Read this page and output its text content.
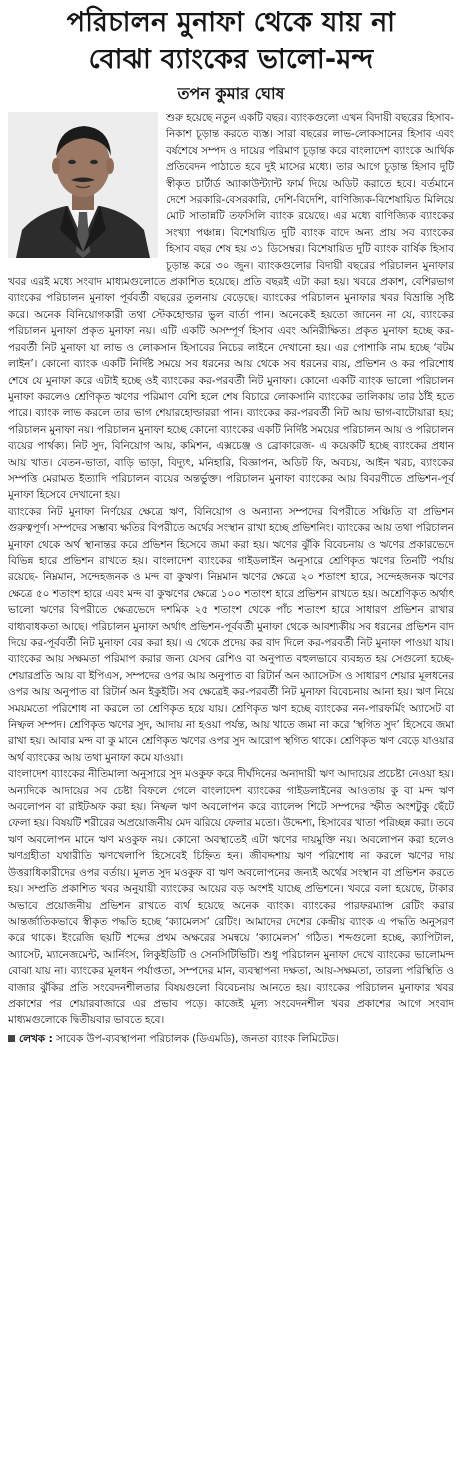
পরিচালন মুনাফা থেকে যায় না
বোঝা ব্যাংকের ভালো-মন্দ
তপন কুমার ঘোষ

শুরু হয়েছে নতুন একটি বছর। ব্যাংকগুলো এখন বিদায়ী বছরের হিসাব-নিকাশ চূড়ান্ত করতে ব্যস্ত। সারা বছরের লাভ-লোকসানের হিসাব এবং বর্ষশেষে সম্পদ ও দায়ের পরিমাণ চূড়ান্ত করে বাংলাদেশ ব্যাংকে আর্থিক প্রতিবেদন পাঠাতে হবে দুই মাসের মধ্যে। তার আগে চূড়ান্ত হিসাব দুটি স্বীকৃত চার্টার্ড অ্যাকাউন্ট্যান্ট ফার্ম দিয়ে অডিট করাতে হবে। বর্তমানে দেশে সরকারি-বেসরকারি, দেশি-বিদেশি, বাণিজ্যিক-বিশেষায়িত মিলিয়ে মোট সাতান্নটি তফসিলি ব্যাংক রয়েছে। এর মধ্যে বাণিজ্যিক ব্যাংকের সংখ্যা পঞ্চান্ন। বিশেষায়িত দুটি ব্যাংক বাদে অন্য প্রায় সব ব্যাংকের হিসাব বছর শেষ হয় ৩১ ডিসেম্বর। বিশেষায়িত দুটি ব্যাংক বার্ষিক হিসাব চূড়ান্ত করে ৩০ জুন। ব্যাংকগুলোর বিদায়ী বছরের পরিচালন মুনাফার খবর এরই মধ্যে সংবাদ মাধ্যমগুলোতে প্রকাশিত হয়েছে। প্রতি বছরই এটা করা হয়। খবরে প্রকাশ, বেশিরভাগ ব্যাংকের পরিচালন মুনাফা পূর্ববর্তী বছরের তুলনায় বেড়েছে। ব্যাংকের পরিচালন মুনাফার খবর বিভ্রান্তি সৃষ্টি করে। অনেক বিনিয়োগকারী তথা স্টেকহোল্ডার ভুল বার্তা পান। অনেকেই হয়তো জানেন না যে, ব্যাংকের পরিচালন মুনাফা প্রকৃত মুনাফা নয়। এটি একটি অসম্পূর্ণ হিসাব এবং অনিরীক্ষিত। প্রকৃত মুনাফা হচ্ছে কর-পরবর্তী নিট মুনাফা যা লাভ ও লোকসান হিসাবের নিচের লাইনে দেখানো হয়। এর পোশাকি নাম হচ্ছে ‘বটম লাইন’। কোনো ব্যাংক একটি নির্দিষ্ট সময়ে সব ধরনের আয় থেকে সব ধরনের ব্যয়, প্রভিশন ও কর পরিশোধ শেষে যে মুনাফা করে এটাই হচ্ছে ওই ব্যাংকের কর-পরবর্তী নিট মুনাফা। কোনো একটি ব্যাংক ভালো পরিচালন মুনাফা করলেও শ্রেণিকৃত ঋণের পরিমাণ বেশি হলে শেষ বিচারে লোকসানি ব্যাংকের তালিকায় তার ঠাঁই হতে পারে। ব্যাংক লাভ করলে তার ভাগ শেয়ারহোল্ডাররা পান। ব্যাংকের কর-পরবর্তী নিট আয় ভাগ-বাটোয়ারা হয়; পরিচালন মুনাফা নয়। পরিচালন মুনাফা হচ্ছে কোনো ব্যাংকের একটি নির্দিষ্ট সময়ের পরিচালন আয় ও পরিচালন ব্যয়ের পার্থক্য। নিট সুদ, বিনিয়োগ আয়, কমিশন, এক্সচেঞ্জ ও ব্রোকারেজ- এ কয়েকটি হচ্ছে ব্যাংকের প্রধান আয় খাত। বেতন-ভাতা, বাড়ি ভাড়া, বিদ্যুৎ, মনিহারি, বিজ্ঞাপন, অডিট ফি, অবচয়, আইন খরচ, ব্যাংকের সম্পত্তি মেরামত ইত্যাদি পরিচালন ব্যয়ের অন্তর্ভুক্ত। পরিচালন মুনাফা ব্যাংকের আয় বিবরণীতে প্রভিশন-পূর্ব মুনাফা হিসেবে দেখানো হয়।

ব্যাংকের নিট মুনাফা নির্ণয়ের ক্ষেত্রে ঋণ, বিনিয়োগ ও অন্যান্য সম্পদের বিপরীতে সঞ্চিতি বা প্রভিশন গুরুত্বপূর্ণ। সম্পদের সম্ভাব্য ক্ষতির বিপরীতে অর্থের সংস্থান রাখা হচ্ছে প্রভিশনিং। ব্যাংকের আয় তথা পরিচালন মুনাফা থেকে অর্থ স্থানান্তর করে প্রভিশন হিসেবে জমা করা হয়। ঋণের ঝুঁকি বিবেচনায় ও ঋণের প্রকারভেদে বিভিন্ন হারে প্রভিশন রাখতে হয়। বাংলাদেশ ব্যাংকের গাইডলাইন অনুসারে শ্রেণিকৃত ঋণের তিনটি পর্যায় রয়েছে- নিম্নমান, সন্দেহজনক ও মন্দ বা কুঋণ। নিম্নমান ঋণের ক্ষেত্রে ২০ শতাংশ হারে, সন্দেহজনক ঋণের ক্ষেত্রে ৫০ শতাংশ হারে এবং মন্দ বা কুঋণের ক্ষেত্রে ১০০ শতাংশ হারে প্রভিশন রাখতে হয়। অশ্রেণিকৃত অর্থাৎ ভালো ঋণের বিপরীতে ক্ষেত্রভেদে দশমিক ২৫ শতাংশ থেকে পাঁচ শতাংশ হারে সাধারণ প্রভিশন রাখার বাধ্যবাধকতা আছে। পরিচালন মুনাফা অর্থাৎ প্রভিশন-পূর্ববর্তী মুনাফা থেকে আবশ্যকীয় সব ধরনের প্রভিশন বাদ দিয়ে কর-পূর্ববর্তী নিট মুনাফা বের করা হয়। এ থেকে প্রদেয় কর বাদ দিলে কর-পরবর্তী নিট মুনাফা পাওয়া যায়। ব্যাংকের আয় সক্ষমতা পরিমাপ করার জন্য যেসব রেশিও বা অনুপাত বহুলভাবে ব্যবহৃত হয় সেগুলো হচ্ছে- শেয়ারপ্রতি আয় বা ইপিএস, সম্পদের ওপর আয় অনুপাত বা রিটার্ন অন অ্যাসেটস ও সাধারণ শেয়ার মূলধনের ওপর আয় অনুপাত বা রিটার্ন অন ইকুইটি। সব ক্ষেত্রেই কর-পরবর্তী নিট মুনাফা বিবেচনায় আনা হয়। ঋণ নিয়ে সময়মতো পরিশোধ না করলে তা শ্রেণিকৃত হয়ে যায়। শ্রেণিকৃত ঋণ হচ্ছে ব্যাংকের নন-পারফর্মিং অ্যাসেট বা নিষ্ফল সম্পদ। শ্রেণিকৃত ঋণের সুদ, আদায় না হওয়া পর্যন্ত, আয় খাতে জমা না করে ‘স্থগিত সুদ’ হিসেবে জমা রাখা হয়। আবার মন্দ বা কু মানে শ্রেণিকৃত ঋণের ওপর সুদ আরোপ স্থগিত থাকে। শ্রেণিকৃত ঋণ বেড়ে যাওয়ার অর্থ ব্যাংকের আয় তথা মুনাফা কমে যাওয়া।

বাংলাদেশ ব্যাংকের নীতিমালা অনুসারে সুদ মওকুফ করে দীর্ঘদিনের অনাদায়ী ঋণ আদায়ের প্রচেষ্টা নেওয়া হয়। অন্যদিকে আদায়ের সব চেষ্টা বিফলে গেলে বাংলাদেশ ব্যাংকের গাইডলাইনের আওতায় কু বা মন্দ ঋণ অবলোপন বা রাইটঅফ করা হয়। নিষ্ফল ঋণ অবলোপন করে ব্যালেন্স শিটে সম্পদের স্ফীত অংশটুকু ছেঁটে ফেলা হয়। বিষয়টি শরীরের অপ্রয়োজনীয় মেদ ঝরিয়ে ফেলার মতো। উদ্দেশ্য, হিসাবের খাতা পরিচ্ছন্ন করা। তবে ঋণ অবলোপন মানে ঋণ মওকুফ নয়। কোনো অবস্থাতেই এটা ঋণের দায়মুক্তি নয়। অবলোপন করা হলেও ঋণগ্রহীতা যথারীতি ঋণখেলাপি হিসেবেই চিহ্নিত হন। জীবদ্দশায় ঋণ পরিশোধ না করলে ঋণের দায় উত্তরাধিকারীদের ওপর বর্তায়। মূলত সুদ মওকুফ বা ঋণ অবলোপনের জন্যই অর্থের সংস্থান বা প্রভিশন করতে হয়। সম্প্রতি প্রকাশিত খবর অনুযায়ী ব্যাংকের আয়ের বড় অংশই যাচ্ছে প্রভিশনে। খবরে বলা হয়েছে, টাকার অভাবে প্রয়োজনীয় প্রভিশন রাখতে ব্যর্থ হয়েছে অনেক ব্যাংক। ব্যাংকের পারফরম্যান্স রেটিং করার আন্তর্জাতিকভাবে স্বীকৃত পদ্ধতি হচ্ছে ‘ক্যামেলস’ রেটিং। আমাদের দেশের কেন্দ্রীয় ব্যাংক এ পদ্ধতি অনুসরণ করে থাকে। ইংরেজি ছয়টি শব্দের প্রথম অক্ষরের সমন্বয়ে ‘ক্যামেলস’ গঠিত। শব্দগুলো হচ্ছে, ক্যাপিটাল, অ্যাসেট, ম্যানেজমেন্ট, আর্নিংস, লিকুইডিটি ও সেনসিটিভিটি। শুধু পরিচালন মুনাফা দেখে ব্যাংকের ভালোমন্দ বোঝা যায় না। ব্যাংকের মূলধন পর্যাপ্ততা, সম্পদের মান, ব্যবস্থাপনা দক্ষতা, আয়-সক্ষমতা, তারল্য পরিস্থিতি ও বাজার ঝুঁকির প্রতি সংবেদনশীলতার বিষয়গুলো বিবেচনায় আনতে হয়। ব্যাংকের পরিচালন মুনাফার খবর প্রকাশের পর শেয়ারবাজারে এর প্রভাব পড়ে। কাজেই মূল্য সংবেদনশীল খবর প্রকাশের আগে সংবাদ মাধ্যমগুলোকে দ্বিতীয়বার ভাবতে হবে।

লেখক : সাবেক উপ-ব্যবস্থাপনা পরিচালক (ডিএমডি), জনতা ব্যাংক লিমিটেড।
